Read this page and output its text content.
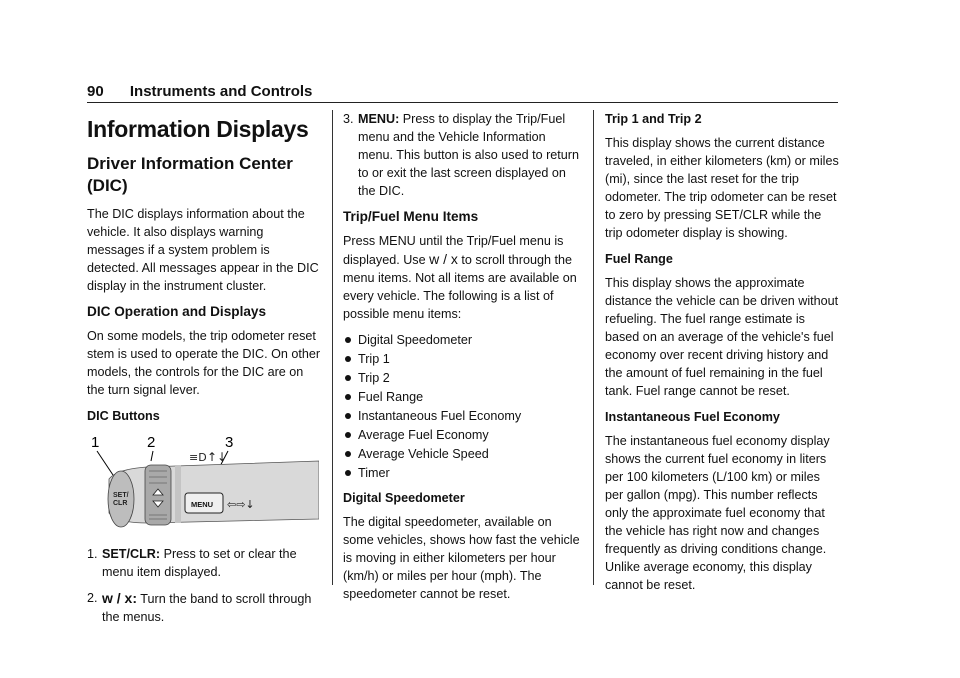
90 Instruments and Controls
Information Displays
Driver Information Center (DIC)

The DIC displays information about the vehicle. It also displays warning messages if a system problem is detected. All messages appear in the DIC display in the instrument cluster.

DIC Operation and Displays

On some models, the trip odometer reset stem is used to operate the DIC. On other models, the controls for the DIC are on the turn signal lever.

DIC Buttons

1	2	3
SET/
CLR
≡D ↑↓
MENU ⇦⇨↓
1. SET/CLR: Press to set or clear the menu item displayed.
2. w / x: Turn the band to scroll through the menus.
3. MENU: Press to display the Trip/Fuel menu and the Vehicle Information menu. This button is also used to return to or exit the last screen displayed on the DIC.
Trip/Fuel Menu Items

Press MENU until the Trip/Fuel menu is displayed. Use w / x to scroll through the menu items. Not all items are available on every vehicle. The following is a list of possible menu items:

Digital Speedometer
Trip 1
Trip 2
Fuel Range
Instantaneous Fuel Economy
Average Fuel Economy
Average Vehicle Speed
Timer

Digital Speedometer

The digital speedometer, available on some vehicles, shows how fast the vehicle is moving in either kilometers per hour (km/h) or miles per hour (mph). The speedometer cannot be reset.

Trip 1 and Trip 2

This display shows the current distance traveled, in either kilometers (km) or miles (mi), since the last reset for the trip odometer. The trip odometer can be reset to zero by pressing SET/CLR while the trip odometer display is showing.

Fuel Range

This display shows the approximate distance the vehicle can be driven without refueling. The fuel range estimate is based on an average of the vehicle's fuel economy over recent driving history and the amount of fuel remaining in the fuel tank. Fuel range cannot be reset.

Instantaneous Fuel Economy

The instantaneous fuel economy display shows the current fuel economy in liters per 100 kilometers (L/100 km) or miles per gallon (mpg). This number reflects only the approximate fuel economy that the vehicle has right now and changes frequently as driving conditions change. Unlike average economy, this display cannot be reset.
